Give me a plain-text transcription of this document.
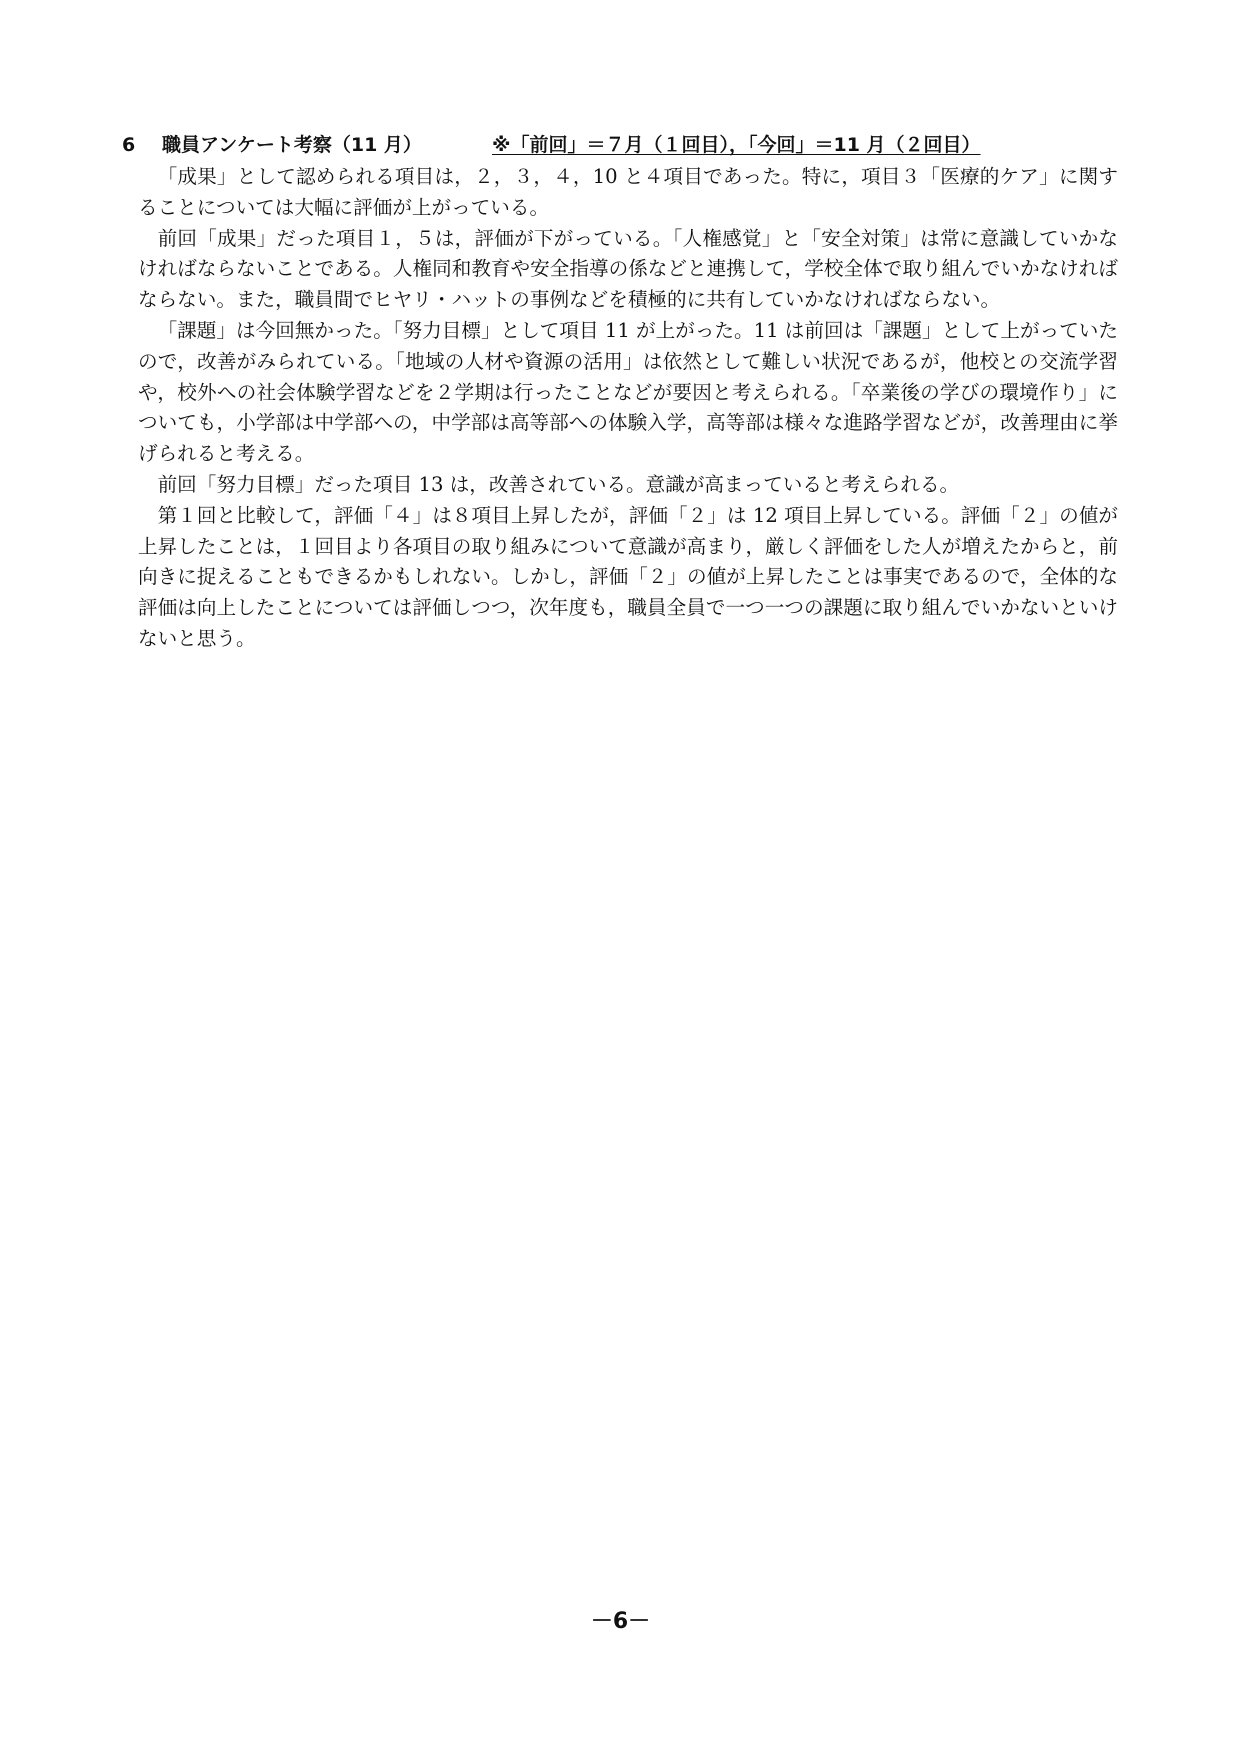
6 職員アンケート考察（11 月）	※「前回」＝７月（１回目），「今回」＝11 月（２回目）

「成果」として認められる項目は，２，３，４，10 と４項目であった。特に，項目３「医療的ケア」に関することについては大幅に評価が上がっている。

前回「成果」だった項目１，５は，評価が下がっている。「人権感覚」と「安全対策」は常に意識していかなければならないことである。人権同和教育や安全指導の係などと連携して，学校全体で取り組んでいかなければならない。また，職員間でヒヤリ・ハットの事例などを積極的に共有していかなければならない。

「課題」は今回無かった。「努力目標」として項目 11 が上がった。11 は前回は「課題」として上がっていたので，改善がみられている。「地域の人材や資源の活用」は依然として難しい状況であるが，他校との交流学習や，校外への社会体験学習などを２学期は行ったことなどが要因と考えられる。「卒業後の学びの環境作り」についても，小学部は中学部への，中学部は高等部への体験入学，高等部は様々な進路学習などが，改善理由に挙げられると考える。

前回「努力目標」だった項目 13 は，改善されている。意識が高まっていると考えられる。

第１回と比較して，評価「４」は８項目上昇したが，評価「２」は 12 項目上昇している。評価「２」の値が上昇したことは，１回目より各項目の取り組みについて意識が高まり，厳しく評価をした人が増えたからと，前向きに捉えることもできるかもしれない。しかし，評価「２」の値が上昇したことは事実であるので，全体的な評価は向上したことについては評価しつつ，次年度も，職員全員で一つ一つの課題に取り組んでいかないといけないと思う。

－6－
